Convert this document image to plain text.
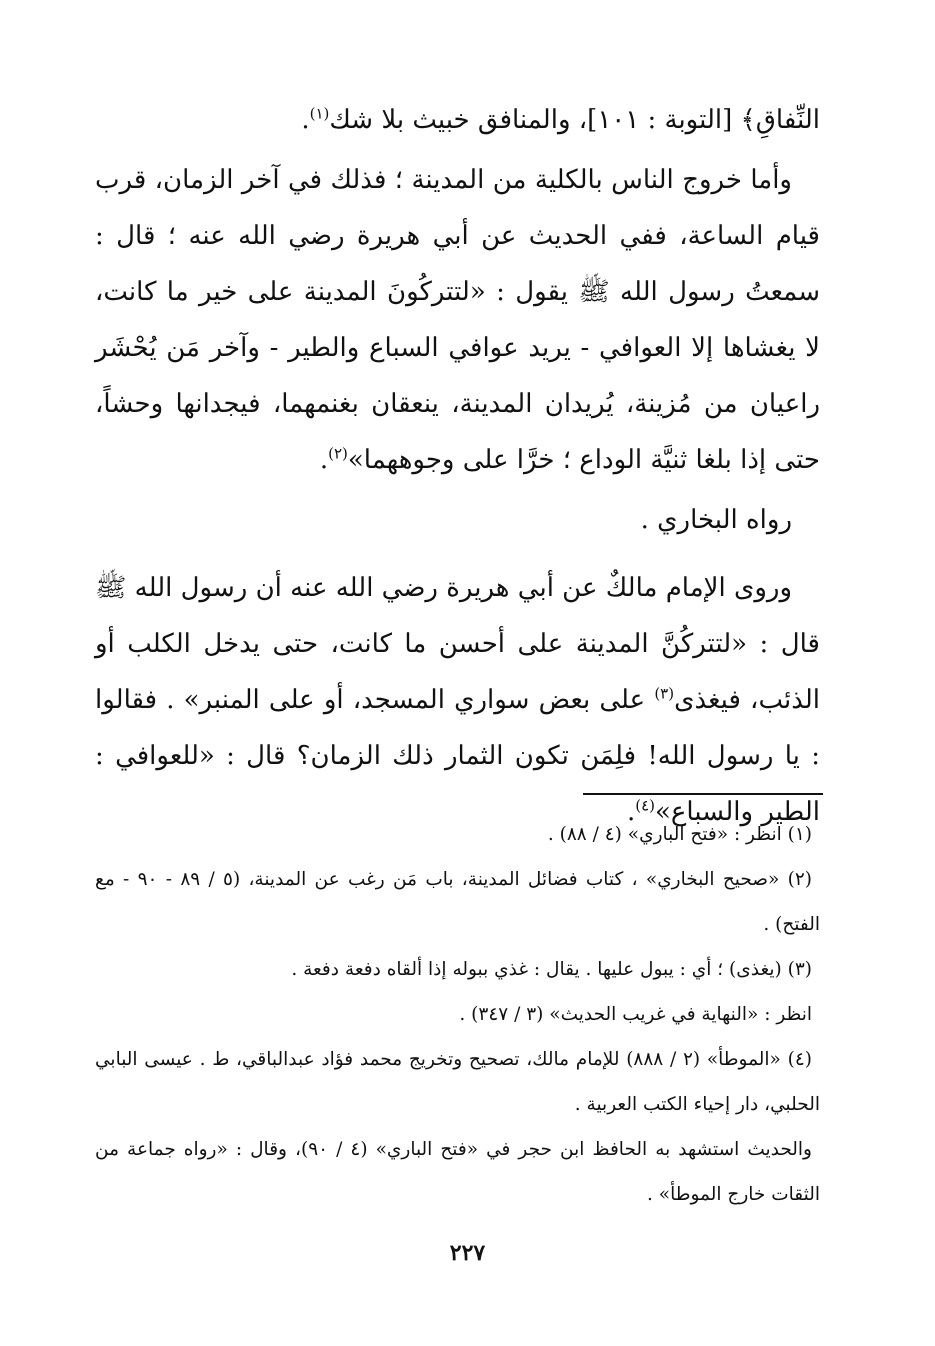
النِّفاقِ﴾ [التوبة : ١٠١]، والمنافق خبيث بلا شك$^{(١)}$.

وأما خروج الناس بالكلية من المدينة ؛ فذلك في آخر الزمان، قرب قيام الساعة، ففي الحديث عن أبي هريرة رضي الله عنه ؛ قال : سمعتُ رسول الله ﷺ يقول : «لتتركُونَ المدينة على خير ما كانت، لا يغشاها إلا العوافي - يريد عوافي السباع والطير - وآخر مَن يُحْشَر راعيان من مُزينة، يُريدان المدينة، ينعقان بغنمهما، فيجدانها وحشاً، حتى إذا بلغا ثنيَّة الوداع ؛ خرَّا على وجوههما»$^{(٢)}$.

رواه البخاري .

وروى الإمام مالكٌ عن أبي هريرة رضي الله عنه أن رسول الله ﷺ قال : «لتتركُنَّ المدينة على أحسن ما كانت، حتى يدخل الكلب أو الذئب، فيغذى$^{(٣)}$ على بعض سواري المسجد، أو على المنبر» . فقالوا : يا رسول الله! فلِمَن تكون الثمار ذلك الزمان؟ قال : «للعوافي : الطير والسباع»$^{(٤)}$.

(١) انظر : «فتح الباري» (٤ / ٨٨) .

(٢) «صحيح البخاري» ، كتاب فضائل المدينة، باب مَن رغب عن المدينة، (٥ / ٨٩ - ٩٠ - مع الفتح) .

(٣) (يغذى) ؛ أي : يبول عليها . يقال : غذي ببوله إذا ألقاه دفعة دفعة .

انظر : «النهاية في غريب الحديث» (٣ / ٣٤٧) .

(٤) «الموطأ» (٢ / ٨٨٨) للإمام مالك، تصحيح وتخريج محمد فؤاد عبدالباقي، ط . عيسى البابي الحلبي، دار إحياء الكتب العربية .

والحديث استشهد به الحافظ ابن حجر في «فتح الباري» (٤ / ٩٠)، وقال : «رواه جماعة من الثقات خارج الموطأ» .

٢٢٧
